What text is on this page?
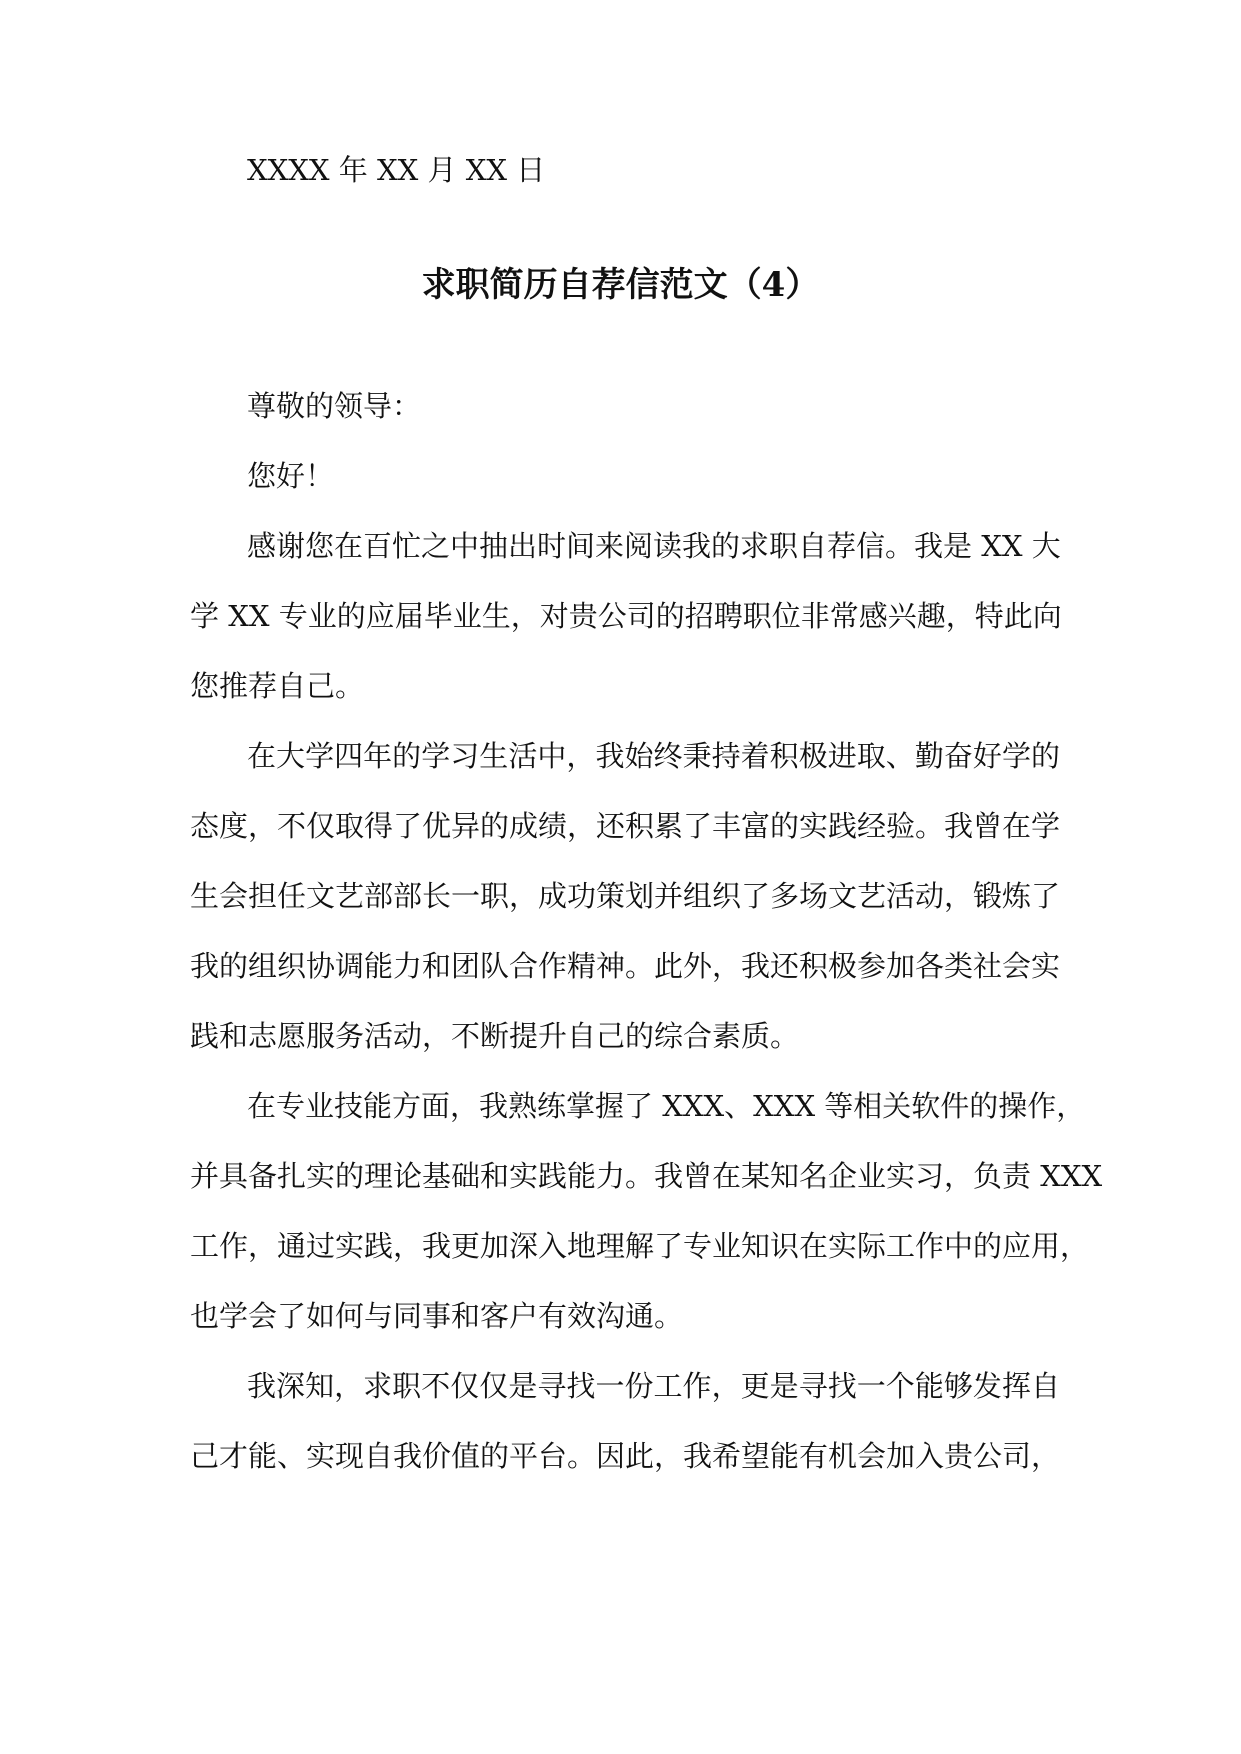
XXXX 年 XX 月 XX 日
求职简历自荐信范文（4）
尊敬的领导：
您好！
感谢您在百忙之中抽出时间来阅读我的求职自荐信。我是 XX 大
学 XX 专业的应届毕业生，对贵公司的招聘职位非常感兴趣，特此向
您推荐自己。
在大学四年的学习生活中，我始终秉持着积极进取、勤奋好学的
态度，不仅取得了优异的成绩，还积累了丰富的实践经验。我曾在学
生会担任文艺部部长一职，成功策划并组织了多场文艺活动，锻炼了
我的组织协调能力和团队合作精神。此外，我还积极参加各类社会实
践和志愿服务活动，不断提升自己的综合素质。
在专业技能方面，我熟练掌握了 XXX、XXX 等相关软件的操作，
并具备扎实的理论基础和实践能力。我曾在某知名企业实习，负责 XXX
工作，通过实践，我更加深入地理解了专业知识在实际工作中的应用，
也学会了如何与同事和客户有效沟通。
我深知，求职不仅仅是寻找一份工作，更是寻找一个能够发挥自
己才能、实现自我价值的平台。因此，我希望能有机会加入贵公司，
